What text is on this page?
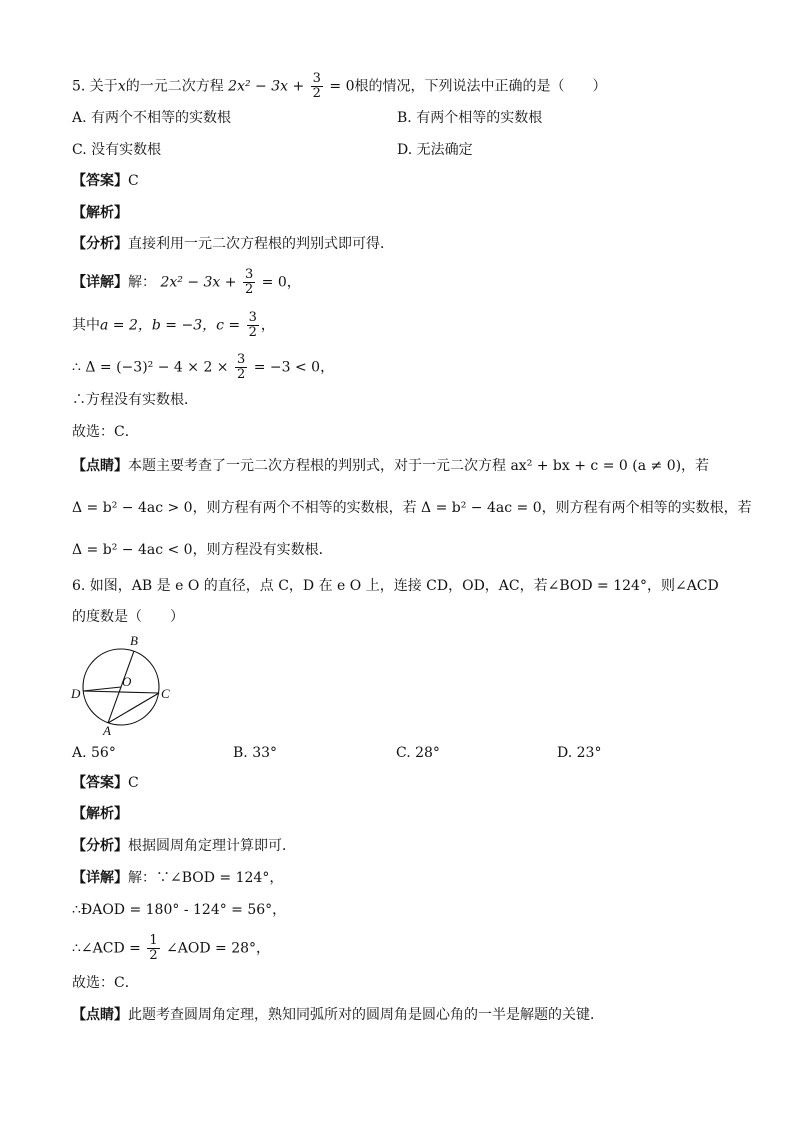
5. 关于x的一元二次方程 $2x^2 - 3x + \frac{3}{2} = 0$根的情况，下列说法中正确的是（　　）
A. 有两个不相等的实数根	B. 有两个相等的实数根
C. 没有实数根	D. 无法确定
【答案】C
【解析】
【分析】直接利用一元二次方程根的判别式即可得．
【详解】解： $2x^2 - 3x + \frac{3}{2} = 0$，
其中a = 2，b = −3，$c = \frac{3}{2}$ ，
∴ $\Delta = (-3)^2 - 4 \times 2 \times \frac{3}{2} = -3 < 0$，
∴方程没有实数根．
故选：C．
【点睛】本题主要考查了一元二次方程根的判别式，对于一元二次方程 ax² + bx + c = 0 (a ≠ 0)，若
Δ = b² − 4ac > 0，则方程有两个不相等的实数根，若 Δ = b² − 4ac = 0，则方程有两个相等的实数根，若
Δ = b² − 4ac < 0，则方程没有实数根．
6. 如图，AB 是 e O 的直径，点 C，D 在 e O 上，连接 CD，OD，AC，若∠BOD = 124°，则∠ACD
的度数是（　　）
B
O
D	C
A
A. 56°	B. 33°	C. 28°	D. 23°
【答案】C
【解析】
【分析】根据圆周角定理计算即可．
【详解】解：∵∠BOD = 124°，
∴ĐAOD = 180° - 124° = 56°，
∴∠ACD = $\frac{1}{2}$ ∠AOD = 28°，
故选：C．
【点睛】此题考查圆周角定理，熟知同弧所对的圆周角是圆心角的一半是解题的关键．
